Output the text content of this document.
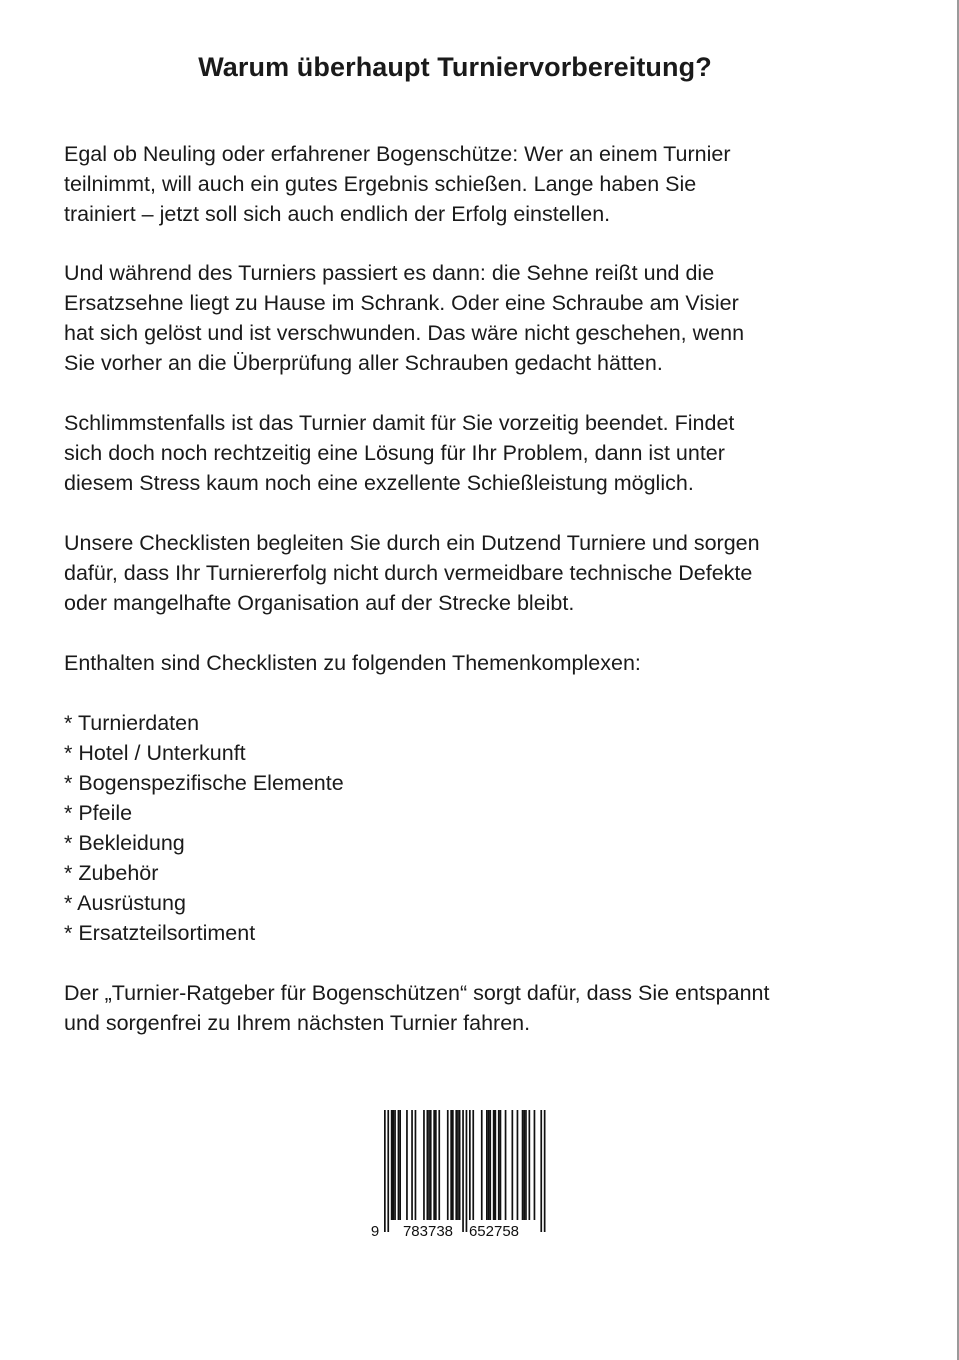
Warum überhaupt Turniervorbereitung?

Egal ob Neuling oder erfahrener Bogenschütze: Wer an einem Turnier
teilnimmt, will auch ein gutes Ergebnis schießen. Lange haben Sie
trainiert – jetzt soll sich auch endlich der Erfolg einstellen.

Und während des Turniers passiert es dann: die Sehne reißt und die
Ersatzsehne liegt zu Hause im Schrank. Oder eine Schraube am Visier
hat sich gelöst und ist verschwunden. Das wäre nicht geschehen, wenn
Sie vorher an die Überprüfung aller Schrauben gedacht hätten.

Schlimmstenfalls ist das Turnier damit für Sie vorzeitig beendet. Findet
sich doch noch rechtzeitig eine Lösung für Ihr Problem, dann ist unter
diesem Stress kaum noch eine exzellente Schießleistung möglich.

Unsere Checklisten begleiten Sie durch ein Dutzend Turniere und sorgen
dafür, dass Ihr Turniererfolg nicht durch vermeidbare technische Defekte
oder mangelhafte Organisation auf der Strecke bleibt.

Enthalten sind Checklisten zu folgenden Themenkomplexen:

* Turnierdaten
* Hotel / Unterkunft
* Bogenspezifische Elemente
* Pfeile
* Bekleidung
* Zubehör
* Ausrüstung
* Ersatzteilsortiment

Der „Turnier-Ratgeber für Bogenschützen“ sorgt dafür, dass Sie entspannt
und sorgenfrei zu Ihrem nächsten Turnier fahren.

9 783738 652758
